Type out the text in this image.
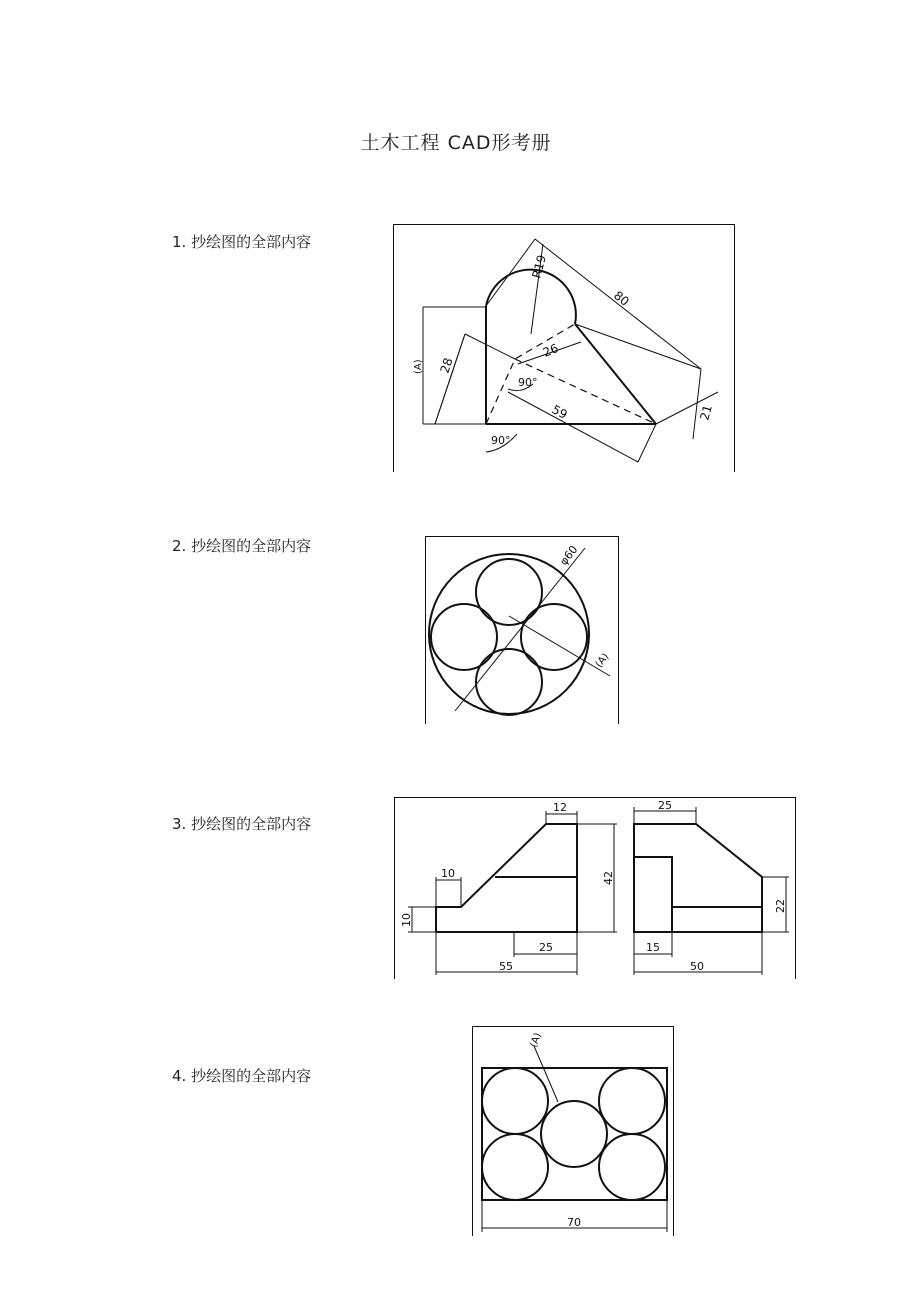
土木工程 CAD形考册
1. 抄绘图的全部内容
2. 抄绘图的全部内容
3. 抄绘图的全部内容
4. 抄绘图的全部内容
R19
80
26
28
59	21
90°
90°
(A)
φ60
(A)
12
10
10
42
25
55
25
22
15
50
(A)
70
